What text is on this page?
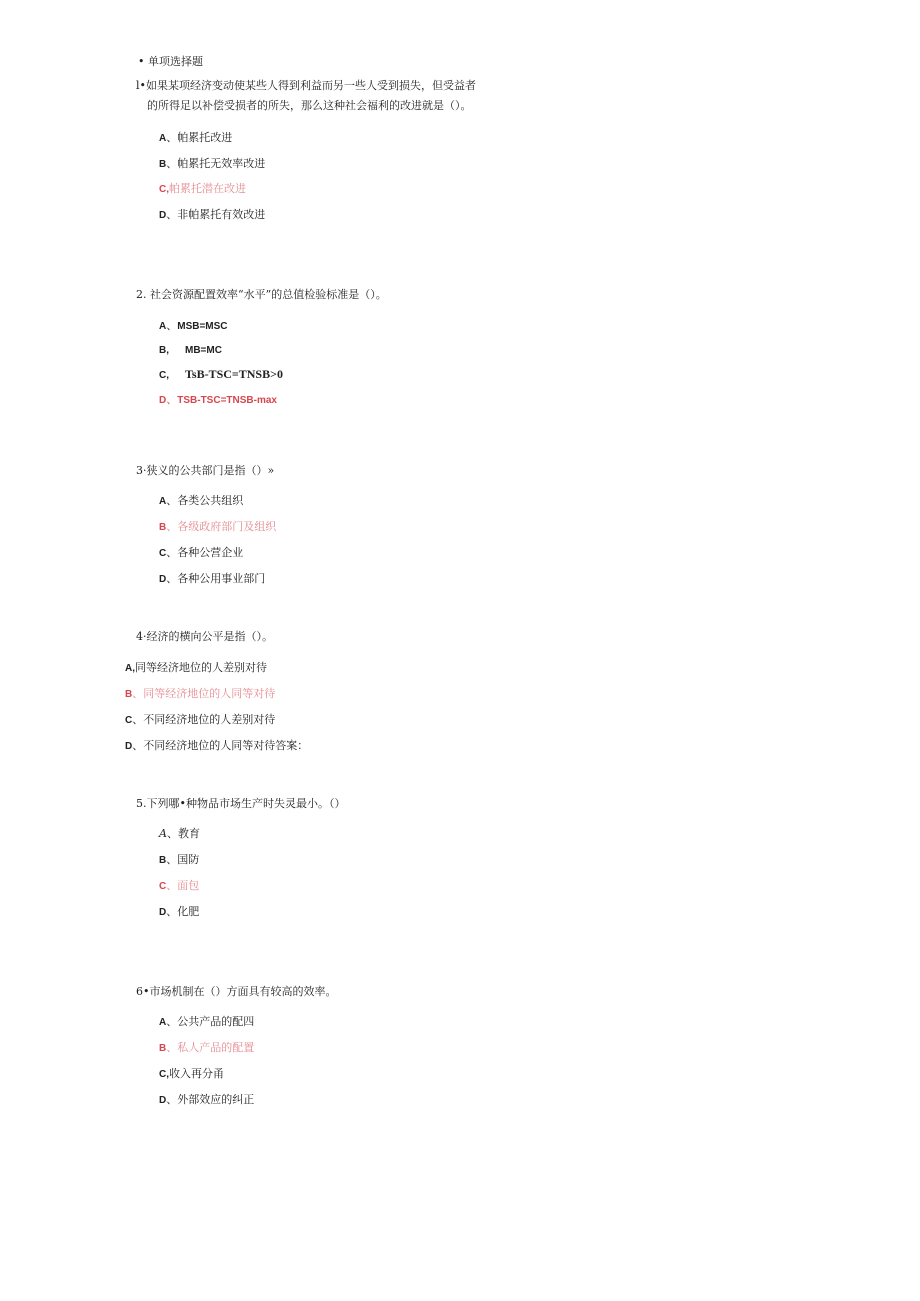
• 单项选择题
l•如果某项经济变动使某些人得到利益而另一些人受到损失，但受益者
的所得足以补偿受损者的所失，那么这种社会福利的改进就是（）。
A、帕累托改进
B、帕累托无效率改进
C,帕累托潜在改进
D、非帕累托有效改进
2. 社会资源配置效率“水平”的总值检验标准是（）。
A、MSB=MSC
B, MB=MC
C, TsB-TSC=TNSB>0
D、TSB-TSC=TNSB-max
3·狭义的公共部门是指（）»
A、各类公共组织
B、各级政府部门及组织
C、各种公营企业
D、各种公用事业部门
4·经济的横向公平是指（）。
A,同等经济地位的人差别对待
B、同等经济地位的人同等对待
C、不同经济地位的人差别对待
D、不同经济地位的人同等对待答案：
5.下列哪•种物品市场生产时失灵最小。（）
A、教育
B、国防
C、面包
D、化肥
6•市场机制在（）方面具有较高的效率。
A、公共产品的配四
B、私人产品的配置
C,收入再分甬
D、外部效应的纠正
